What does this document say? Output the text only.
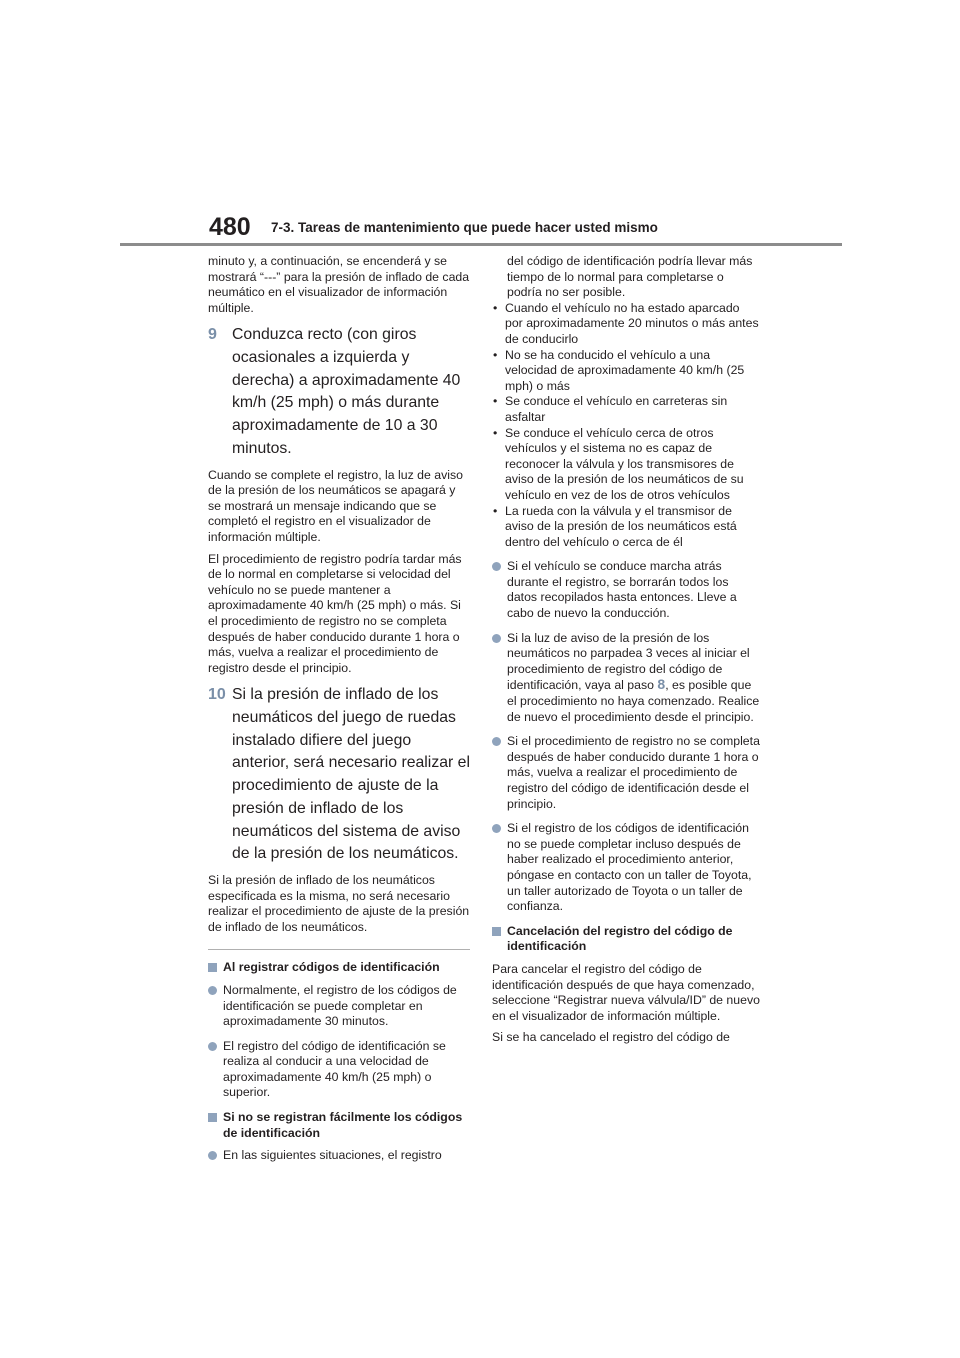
480 7-3. Tareas de mantenimiento que puede hacer usted mismo

minuto y, a continuación, se encenderá y se mostrará “---” para la presión de inflado de cada neumático en el visualizador de información múltiple.

9 Conduzca recto (con giros ocasionales a izquierda y derecha) a aproximadamente 40 km/h (25 mph) o más durante aproximadamente de 10 a 30 minutos.

Cuando se complete el registro, la luz de aviso de la presión de los neumáticos se apagará y se mostrará un mensaje indicando que se completó el registro en el visualizador de información múltiple.

El procedimiento de registro podría tardar más de lo normal en completarse si velocidad del vehículo no se puede mantener a aproximadamente 40 km/h (25 mph) o más. Si el procedimiento de registro no se completa después de haber conducido durante 1 hora o más, vuelva a realizar el procedimiento de registro desde el principio.

10 Si la presión de inflado de los neumáticos del juego de ruedas instalado difiere del juego anterior, será necesario realizar el procedimiento de ajuste de la presión de inflado de los neumáticos del sistema de aviso de la presión de los neumáticos.

Si la presión de inflado de los neumáticos especificada es la misma, no será necesario realizar el procedimiento de ajuste de la presión de inflado de los neumáticos.

Al registrar códigos de identificación
Normalmente, el registro de los códigos de identificación se puede completar en aproximadamente 30 minutos.
El registro del código de identificación se realiza al conducir a una velocidad de aproximadamente 40 km/h (25 mph) o superior.
Si no se registran fácilmente los códigos de identificación
En las siguientes situaciones, el registro

del código de identificación podría llevar más tiempo de lo normal para completarse o podría no ser posible.

• Cuando el vehículo no ha estado aparcado por aproximadamente 20 minutos o más antes de conducirlo
• No se ha conducido el vehículo a una velocidad de aproximadamente 40 km/h (25 mph) o más
• Se conduce el vehículo en carreteras sin asfaltar
• Se conduce el vehículo cerca de otros vehículos y el sistema no es capaz de reconocer la válvula y los transmisores de aviso de la presión de los neumáticos de su vehículo en vez de los de otros vehículos
• La rueda con la válvula y el transmisor de aviso de la presión de los neumáticos está dentro del vehículo o cerca de él
Si el vehículo se conduce marcha atrás durante el registro, se borrarán todos los datos recopilados hasta entonces. Lleve a cabo de nuevo la conducción.
Si la luz de aviso de la presión de los neumáticos no parpadea 3 veces al iniciar el procedimiento de registro del código de identificación, vaya al paso 8, es posible que el procedimiento no haya comenzado. Realice de nuevo el procedimiento desde el principio.
Si el procedimiento de registro no se completa después de haber conducido durante 1 hora o más, vuelva a realizar el procedimiento de registro del código de identificación desde el principio.
Si el registro de los códigos de identificación no se puede completar incluso después de haber realizado el procedimiento anterior, póngase en contacto con un taller de Toyota, un taller autorizado de Toyota o un taller de confianza.
Cancelación del registro del código de identificación

Para cancelar el registro del código de identificación después de que haya comenzado, seleccione “Registrar nueva válvula/ID” de nuevo en el visualizador de información múltiple.

Si se ha cancelado el registro del código de
